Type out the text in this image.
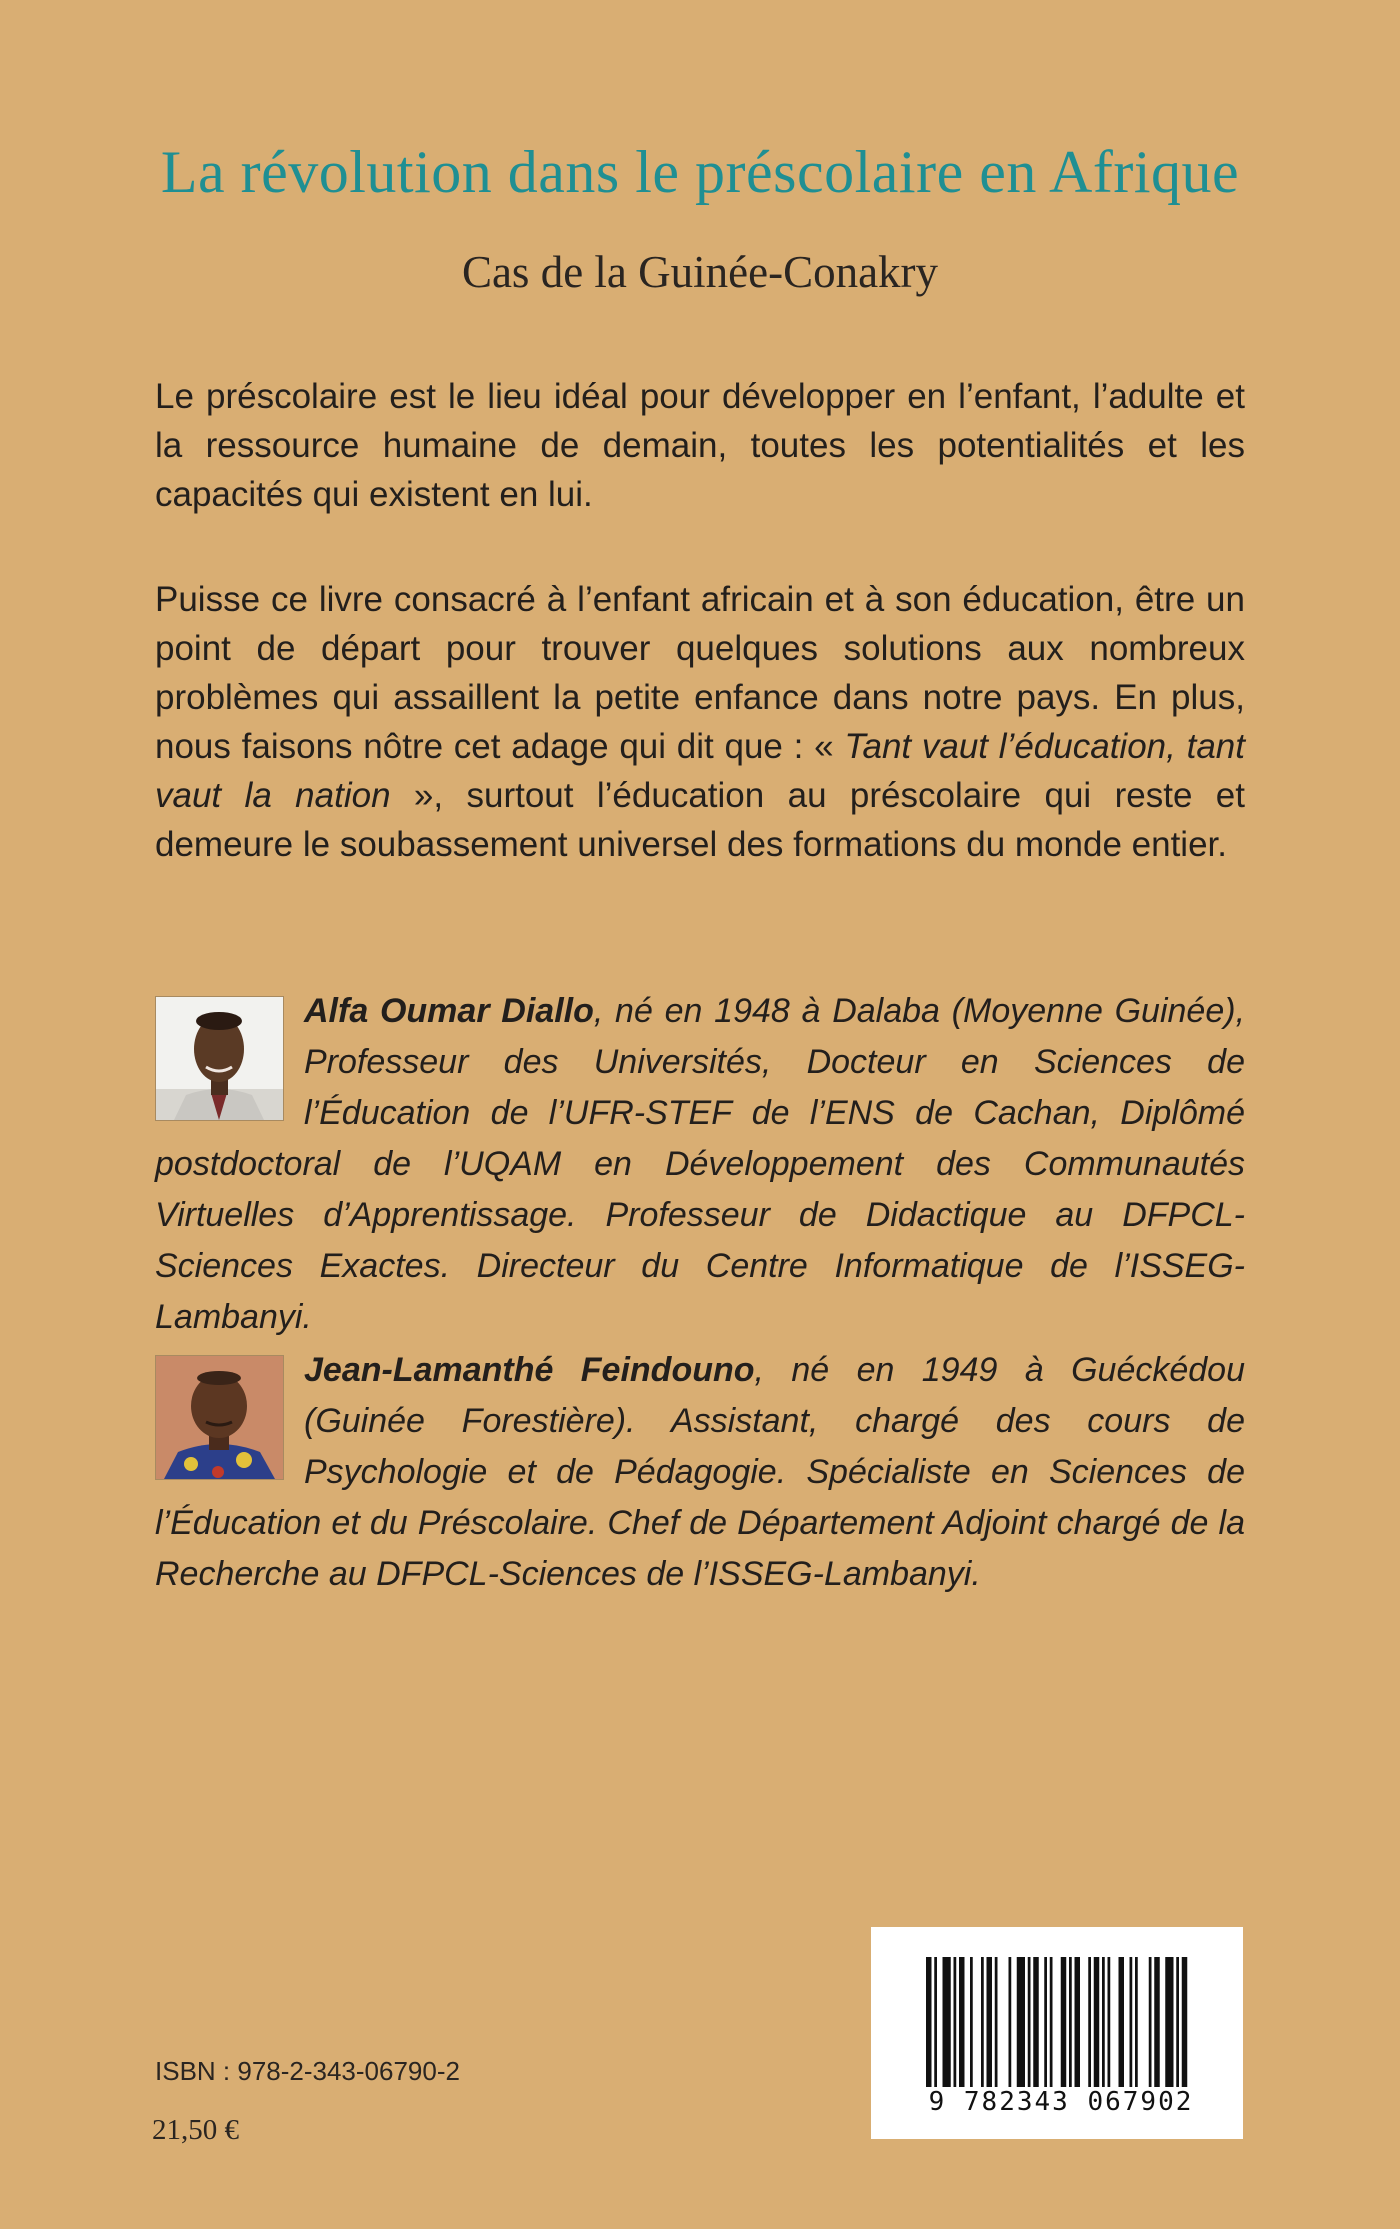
La révolution dans le préscolaire en Afrique
Cas de la Guinée-Conakry
Le préscolaire est le lieu idéal pour développer en l’enfant, l’adulte et la ressource humaine de demain, toutes les potentialités et les capacités qui existent en lui.
Puisse ce livre consacré à l’enfant africain et à son éducation, être un point de départ pour trouver quelques solutions aux nombreux problèmes qui assaillent la petite enfance dans notre pays. En plus, nous faisons nôtre cet adage qui dit que : « Tant vaut l’éducation, tant vaut la nation », surtout l’éducation au préscolaire qui reste et demeure le soubassement universel des formations du monde entier.
Alfa Oumar Diallo, né en 1948 à Dalaba (Moyenne Guinée), Professeur des Universités, Docteur en Sciences de l’Éducation de l’UFR-STEF de l’ENS de Cachan, Diplômé postdoctoral de l’UQAM en Développement des Communautés Virtuelles d’Apprentissage. Professeur de Didactique au DFPCL-Sciences Exactes. Directeur du Centre Informatique de l’ISSEG-Lambanyi.
Jean-Lamanthé Feindouno, né en 1949 à Guéckédou (Guinée Forestière). Assistant, chargé des cours de Psychologie et de Pédagogie. Spécialiste en Sciences de l’Éducation et du Préscolaire. Chef de Département Adjoint chargé de la Recherche au DFPCL-Sciences de l’ISSEG-Lambanyi.
ISBN : 978-2-343-06790-2
21,50 €
9 782343 067902
